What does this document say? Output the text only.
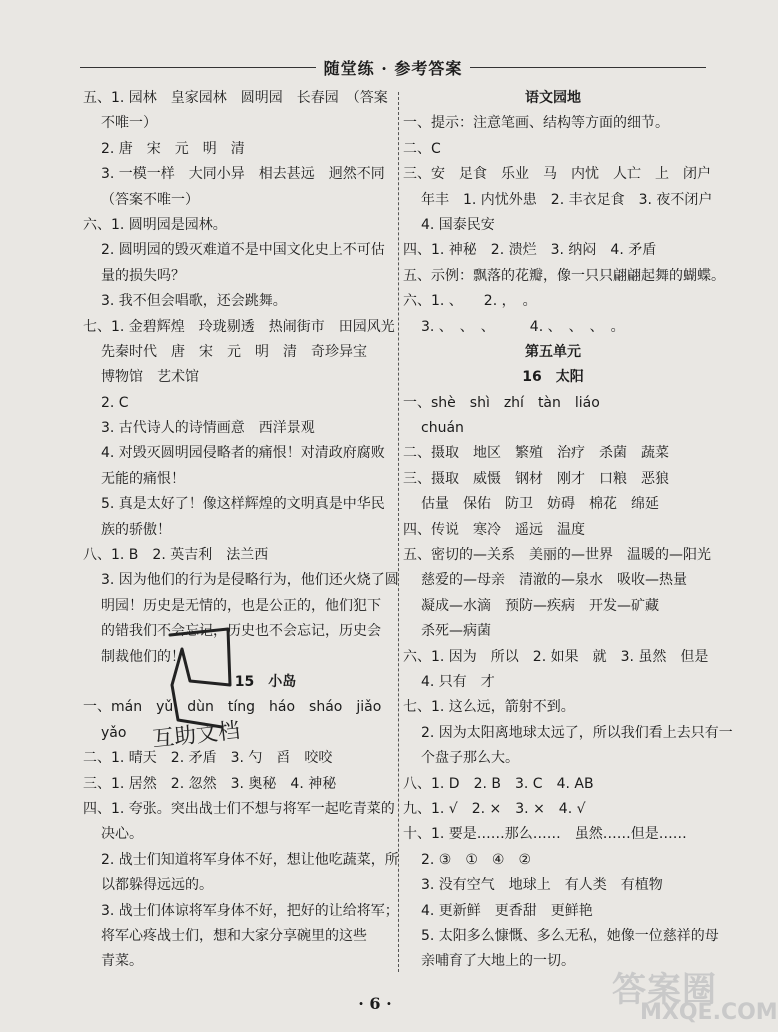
随堂练 · 参考答案
五、1. 园林　皇家园林　圆明园　长春园　（答案
不唯一）
2. 唐　宋　元　明　清
3. 一模一样　大同小异　相去甚远　迥然不同
（答案不唯一）
六、1. 圆明园是园林。
2. 圆明园的毁灭难道不是中国文化史上不可估
量的损失吗？
3. 我不但会唱歌，还会跳舞。
七、1. 金碧辉煌　玲珑剔透　热闹街市　田园风光
先秦时代　唐　宋　元　明　清　奇珍异宝
博物馆　艺术馆
2. C
3. 古代诗人的诗情画意　西洋景观
4. 对毁灭圆明园侵略者的痛恨！对清政府腐败
无能的痛恨！
5. 真是太好了！像这样辉煌的文明真是中华民
族的骄傲！
八、1. B　2. 英吉利　法兰西
3. 因为他们的行为是侵略行为，他们还火烧了圆
明园！历史是无情的，也是公正的，他们犯下
的错我们不会忘记，历史也不会忘记，历史会
制裁他们的！
15　小岛
一、mán　yǔ　dùn　tíng　háo　sháo　jiǎo
yǎo
二、1. 晴天　2. 矛盾　3. 勺　舀　咬咬
三、1. 居然　2. 忽然　3. 奥秘　4. 神秘
四、1. 夸张。突出战士们不想与将军一起吃青菜的
决心。
2. 战士们知道将军身体不好，想让他吃蔬菜，所
以都躲得远远的。
3. 战士们体谅将军身体不好，把好的让给将军；
将军心疼战士们，想和大家分享碗里的这些
青菜。
语文园地
一、提示：注意笔画、结构等方面的细节。
二、C
三、安　足食　乐业　马　内忧　人亡　上　闭户
年丰　1. 内忧外患　2. 丰衣足食　3. 夜不闭户
4. 国泰民安
四、1. 神秘　2. 溃烂　3. 纳闷　4. 矛盾
五、示例：飘落的花瓣，像一只只翩翩起舞的蝴蝶。
六、1. 、　　2. ，　。
3. 、　、　、　　　4. 、　、　、　。
第五单元
16　太阳
一、shè　shì　zhí　tàn　liáo
chuán
二、摄取　地区　繁殖　治疗　杀菌　蔬菜
三、摄取　威慑　钢材　刚才　口粮　恶狼
估量　保佑　防卫　妨碍　棉花　绵延
四、传说　寒冷　遥远　温度
五、密切的—关系　美丽的—世界　温暖的—阳光
慈爱的—母亲　清澈的—泉水　吸收—热量
凝成—水滴　预防—疾病　开发—矿藏
杀死—病菌
六、1. 因为　所以　2. 如果　就　3. 虽然　但是
4. 只有　才
七、1. 这么远，箭射不到。
2. 因为太阳离地球太远了，所以我们看上去只有一
个盘子那么大。
八、1. D　2. B　3. C　4. AB
九、1. √　2. ×　3. ×　4. √
十、1. 要是……那么……　虽然……但是……
2. ③　①　④　②
3. 没有空气　地球上　有人类　有植物
4. 更新鲜　更香甜　更鲜艳
5. 太阳多么慷慨、多么无私，她像一位慈祥的母
亲哺育了大地上的一切。
互助文档
答案圈
MXQE.COM
· 6 ·
